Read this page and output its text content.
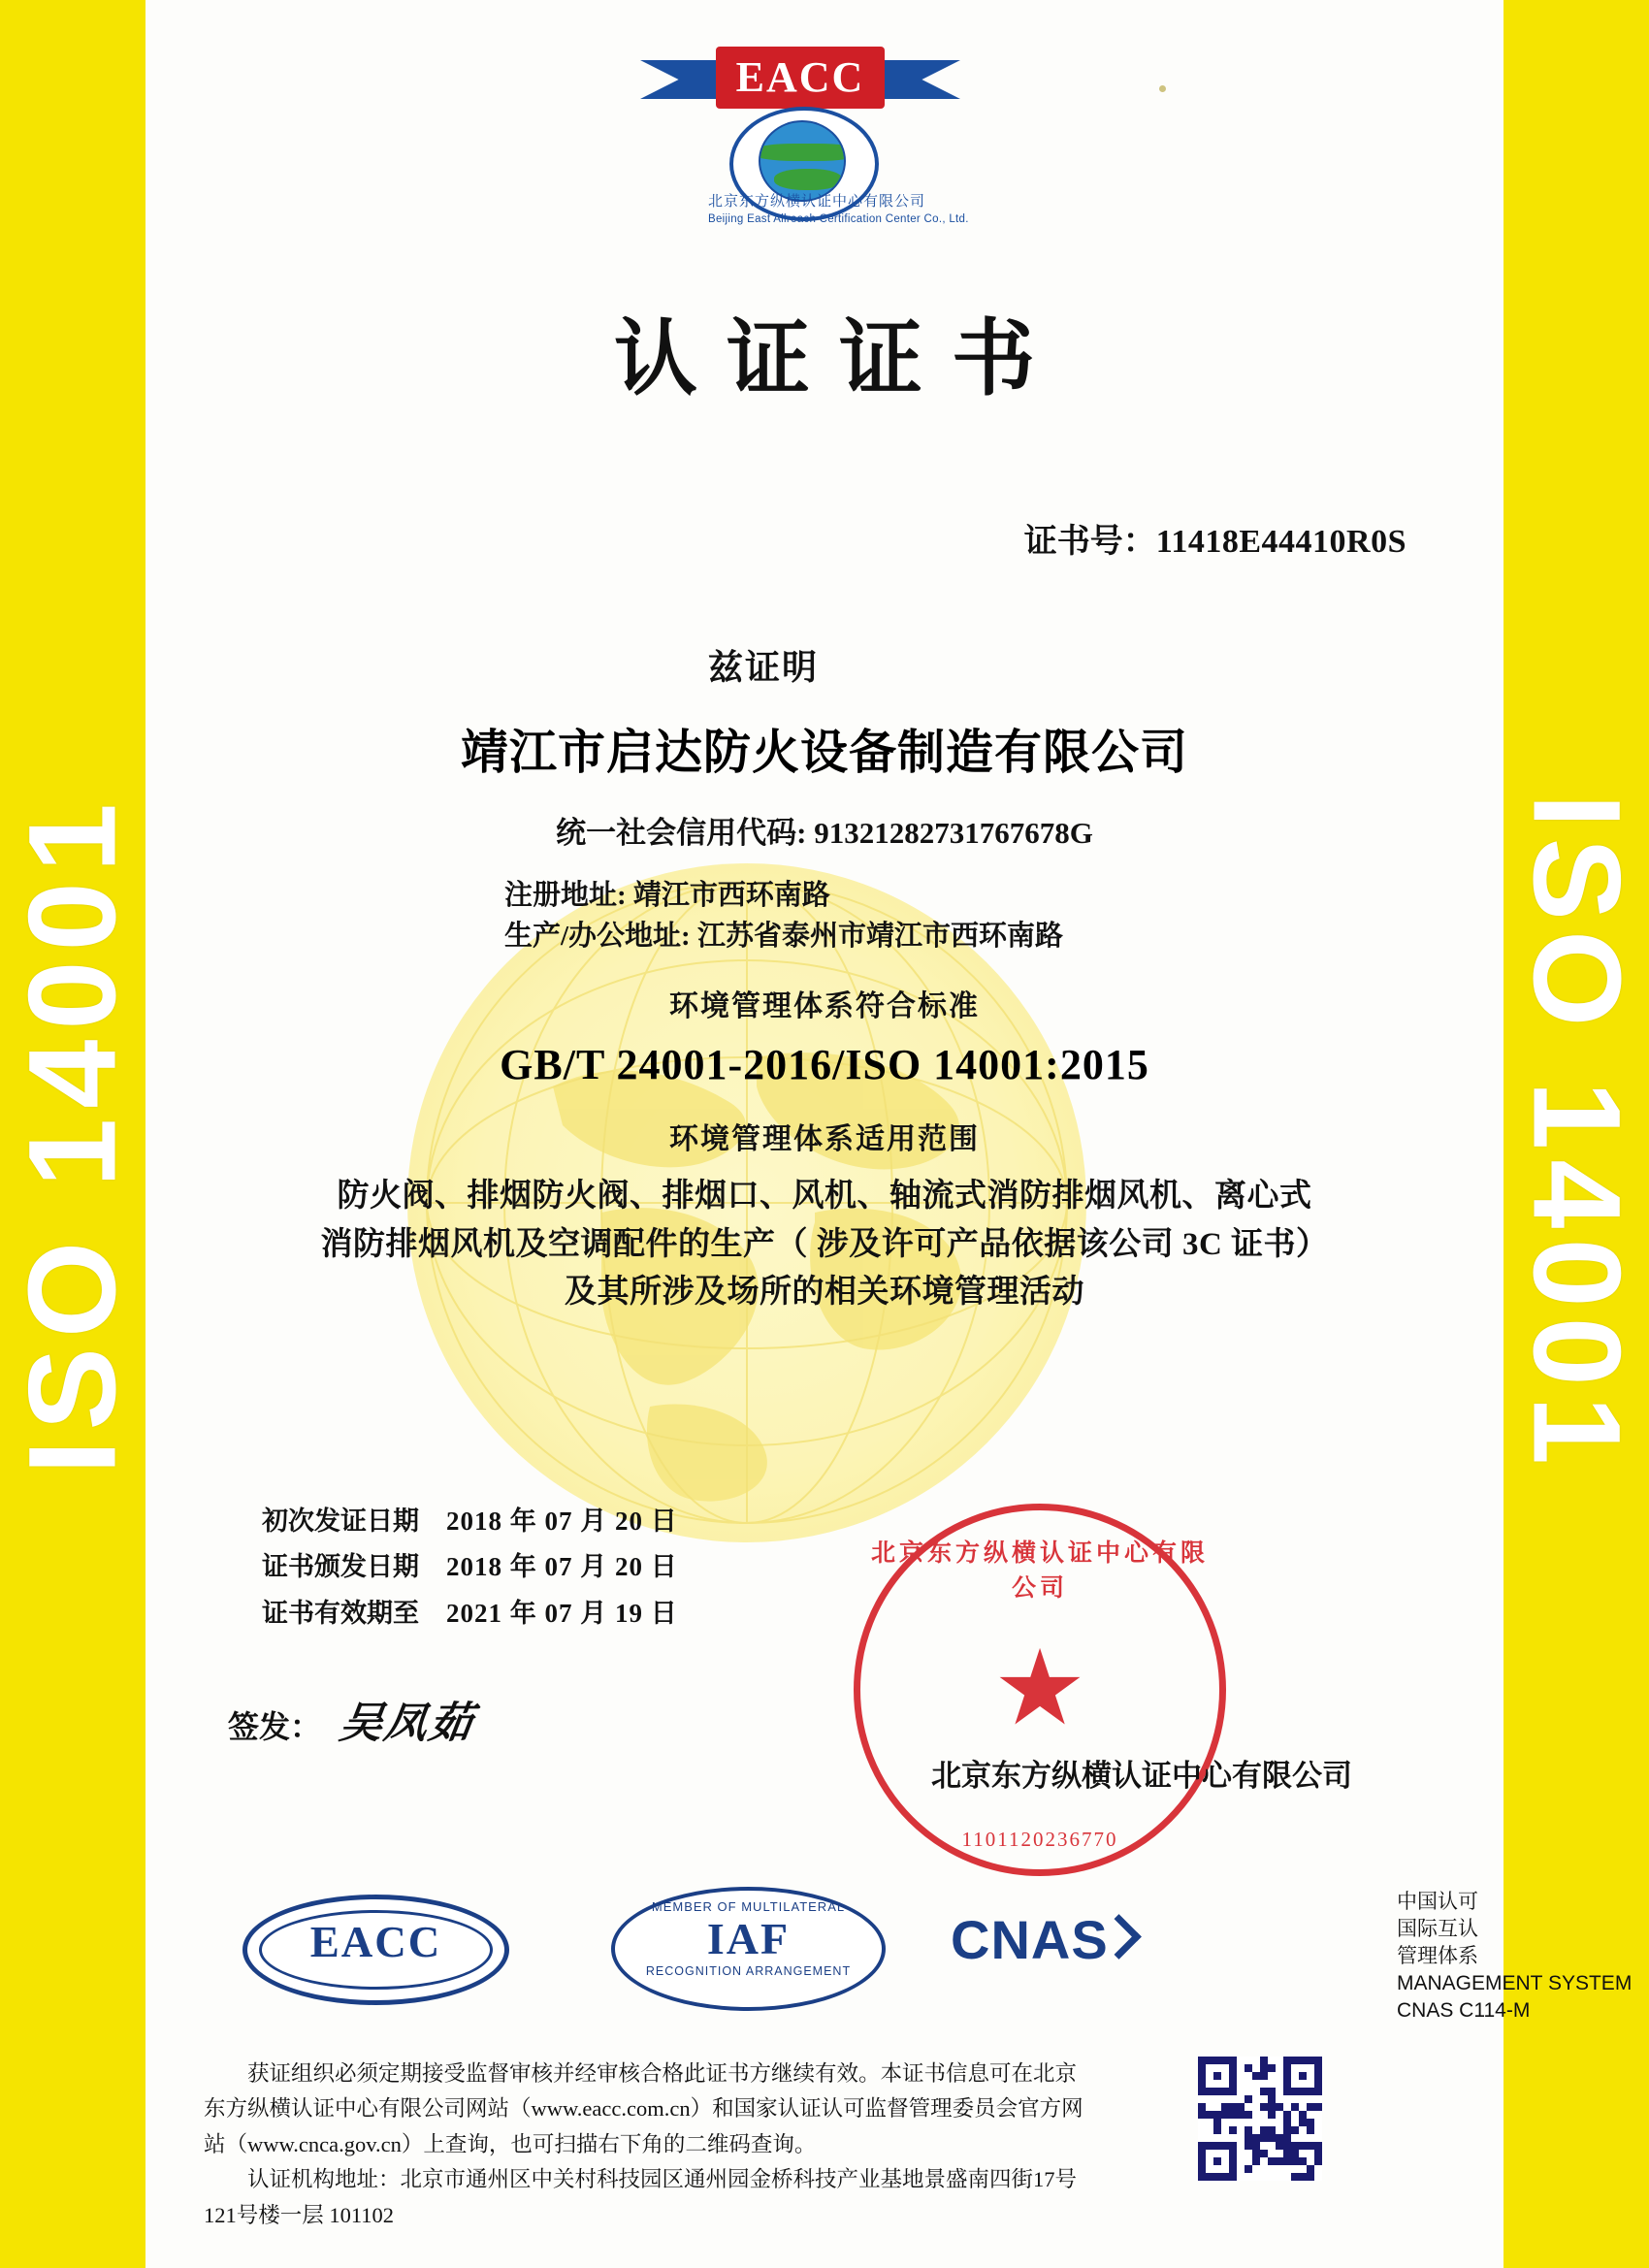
ISO 14001	ISO 14001
EACC
北京东方纵横认证中心有限公司
Beijing East Allreach Certification Center Co., Ltd.
认证证书
证书号：11418E44410R0S
兹证明
靖江市启达防火设备制造有限公司
统一社会信用代码: 91321282731767678G
注册地址: 靖江市西环南路
生产/办公地址: 江苏省泰州市靖江市西环南路
环境管理体系符合标准
GB/T 24001-2016/ISO 14001:2015
环境管理体系适用范围
防火阀、排烟防火阀、排烟口、风机、轴流式消防排烟风机、离心式
消防排烟风机及空调配件的生产（ 涉及许可产品依据该公司 3C 证书）
及其所涉及场所的相关环境管理活动
初次发证日期 2018 年 07 月 20 日
证书颁发日期 2018 年 07 月 20 日
证书有效期至 2021 年 07 月 19 日
签发： 吴凤茹
北京东方纵横认证中心有限公司
★
1101120236770
北京东方纵横认证中心有限公司
EACC
MEMBER OF MULTILATERAL
IAF
RECOGNITION ARRANGEMENT
CNAS
中国认可
国际互认
管理体系
MANAGEMENT SYSTEM
CNAS C114-M

获证组织必须定期接受监督审核并经审核合格此证书方继续有效。本证书信息可在北京

东方纵横认证中心有限公司网站（www.eacc.com.cn）和国家认证认可监督管理委员会官方网

站（www.cnca.gov.cn）上查询，也可扫描右下角的二维码查询。

认证机构地址：北京市通州区中关村科技园区通州园金桥科技产业基地景盛南四街17号

121号楼一层 101102
